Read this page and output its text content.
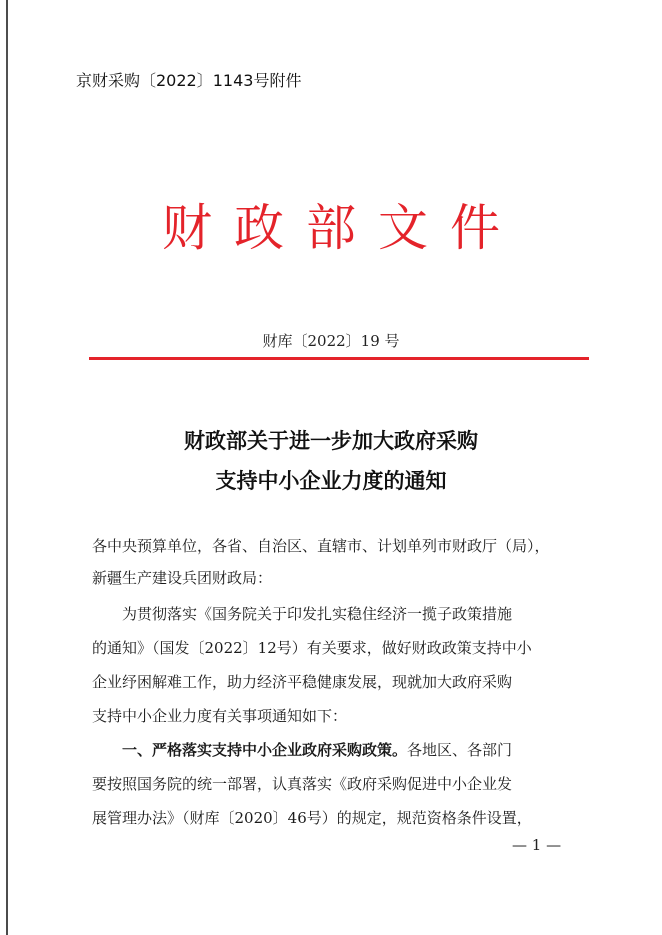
京财采购〔2022〕1143号附件
财政部文件
财库〔2022〕19 号
财政部关于进一步加大政府采购
支持中小企业力度的通知
各中央预算单位，各省、自治区、直辖市、计划单列市财政厅（局），
新疆生产建设兵团财政局：
为贯彻落实《国务院关于印发扎实稳住经济一揽子政策措施
的通知》（国发〔2022〕12号）有关要求，做好财政政策支持中小
企业纾困解难工作，助力经济平稳健康发展，现就加大政府采购
支持中小企业力度有关事项通知如下：
一、严格落实支持中小企业政府采购政策。各地区、各部门
要按照国务院的统一部署，认真落实《政府采购促进中小企业发
展管理办法》（财库〔2020〕46号）的规定，规范资格条件设置，
— 1 —
